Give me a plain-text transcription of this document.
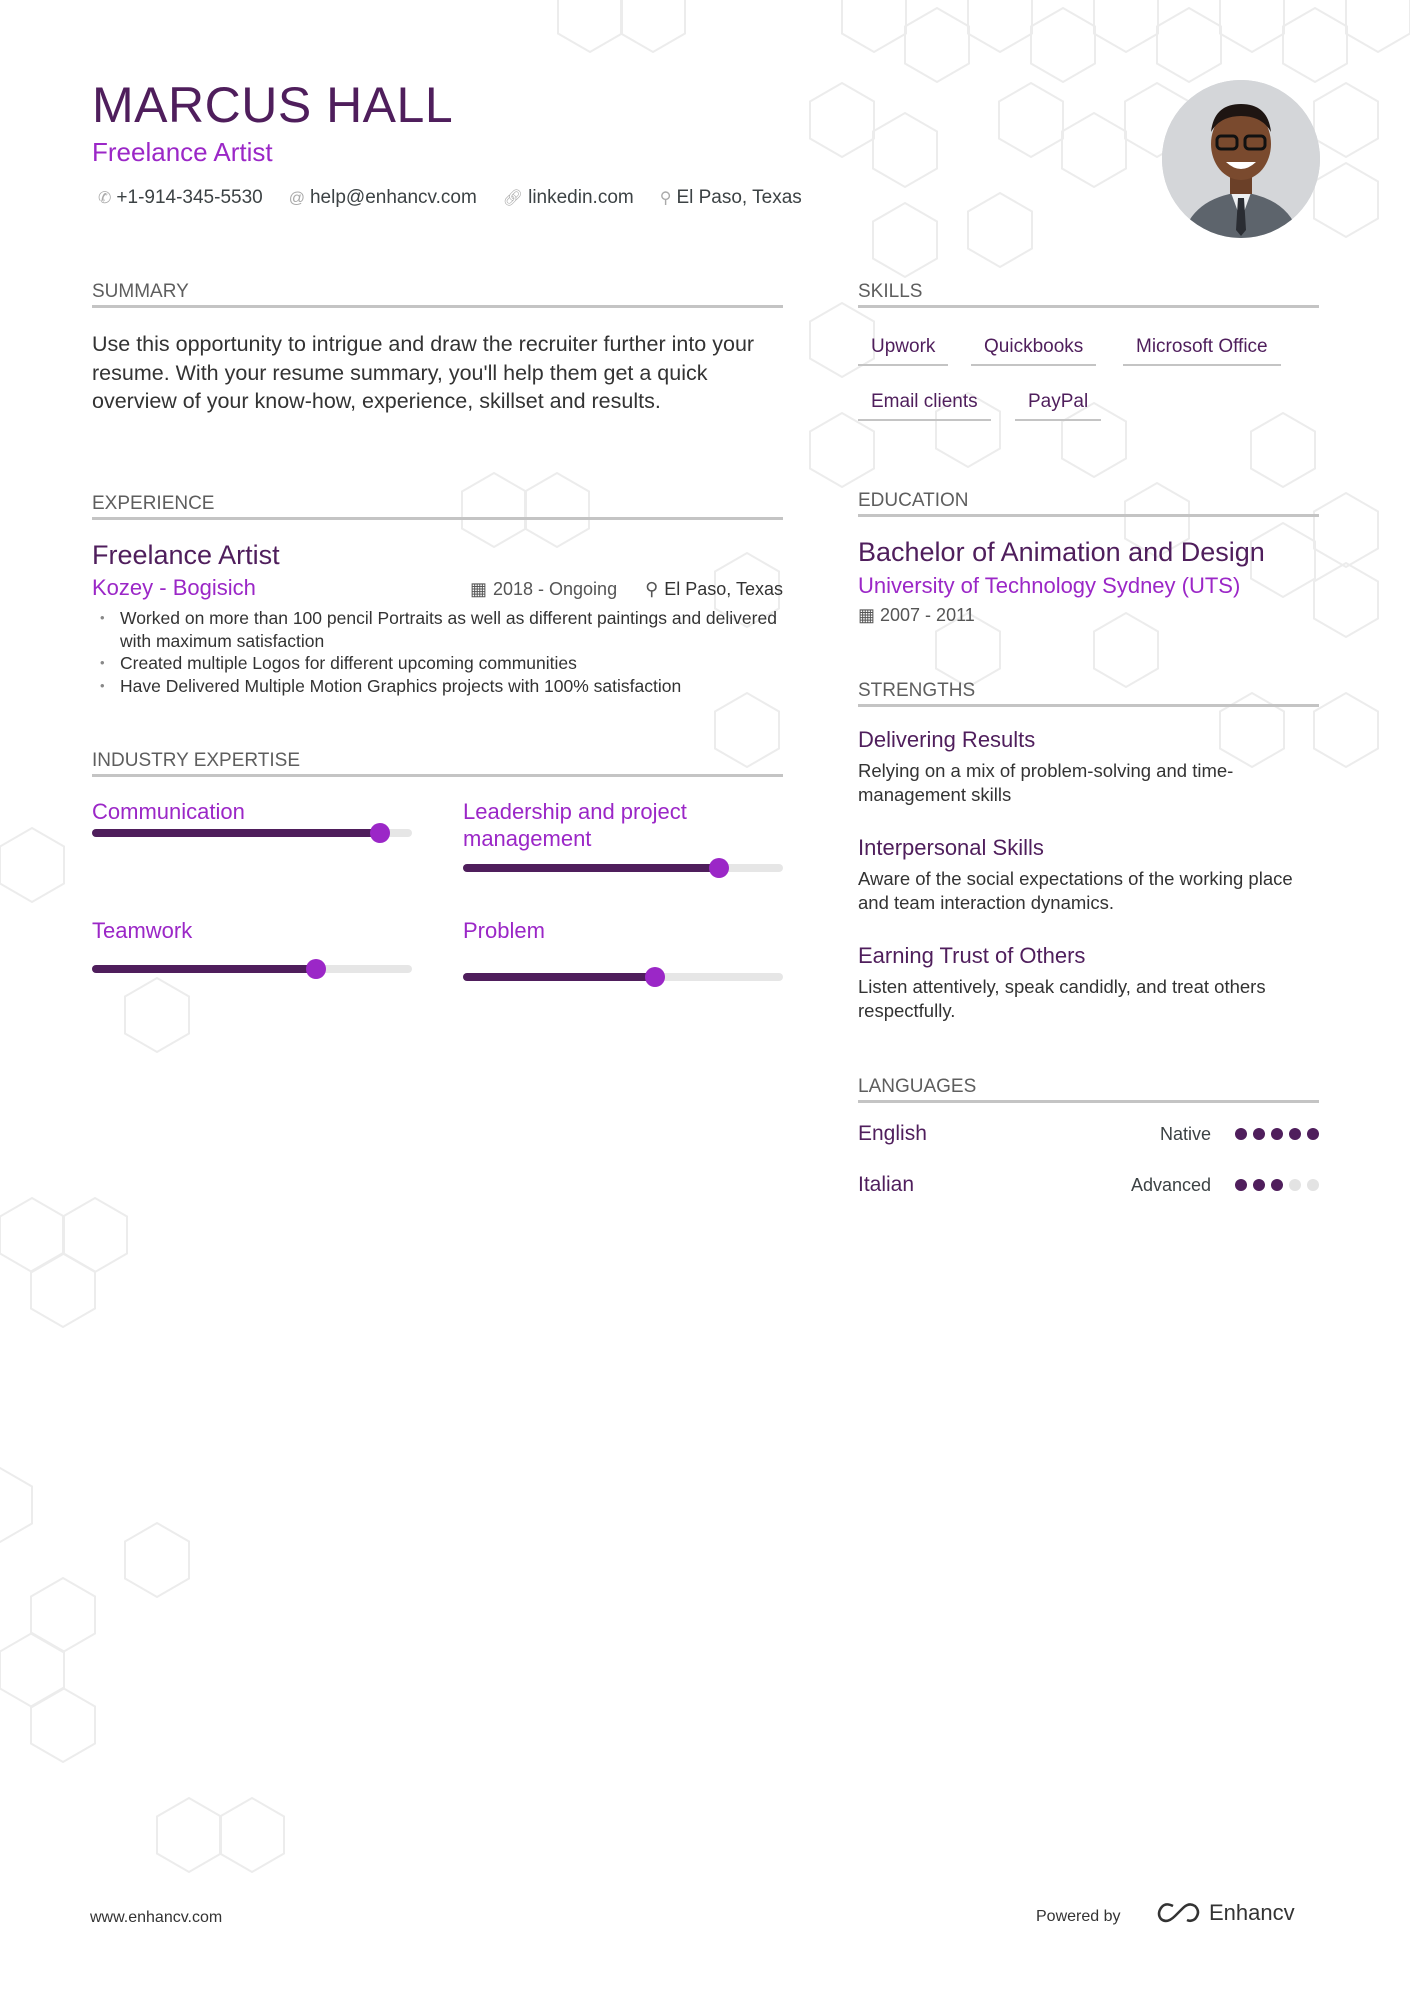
MARCUS HALL
Freelance Artist
✆ +1-914-345-5530 @ help@enhancv.com 🔗︎ linkedin.com ⚲ El Paso, Texas
SUMMARY
Use this opportunity to intrigue and draw the recruiter further into your resume. With your resume summary, you'll help them get a quick overview of your know-how, experience, skillset and results.
EXPERIENCE
Freelance Artist
Kozey - Bogisich	▦ 2018 - Ongoing ⚲ El Paso, Texas
• Worked on more than 100 pencil Portraits as well as different paintings and delivered with maximum satisfaction
• Created multiple Logos for different upcoming communities
• Have Delivered Multiple Motion Graphics projects with 100% satisfaction
INDUSTRY EXPERTISE
Communication	Leadership and project management
Teamwork	Problem
SKILLS
Upwork	Quickbooks	Microsoft Office
Email clients	PayPal
EDUCATION
Bachelor of Animation and Design
University of Technology Sydney (UTS)
▦ 2007 - 2011
STRENGTHS
Delivering Results
Relying on a mix of problem-solving and time-management skills
Interpersonal Skills
Aware of the social expectations of the working place and team interaction dynamics.
Earning Trust of Others
Listen attentively, speak candidly, and treat others respectfully.
LANGUAGES
English	Native
Italian	Advanced
www.enhancv.com	Powered by	Enhancv
